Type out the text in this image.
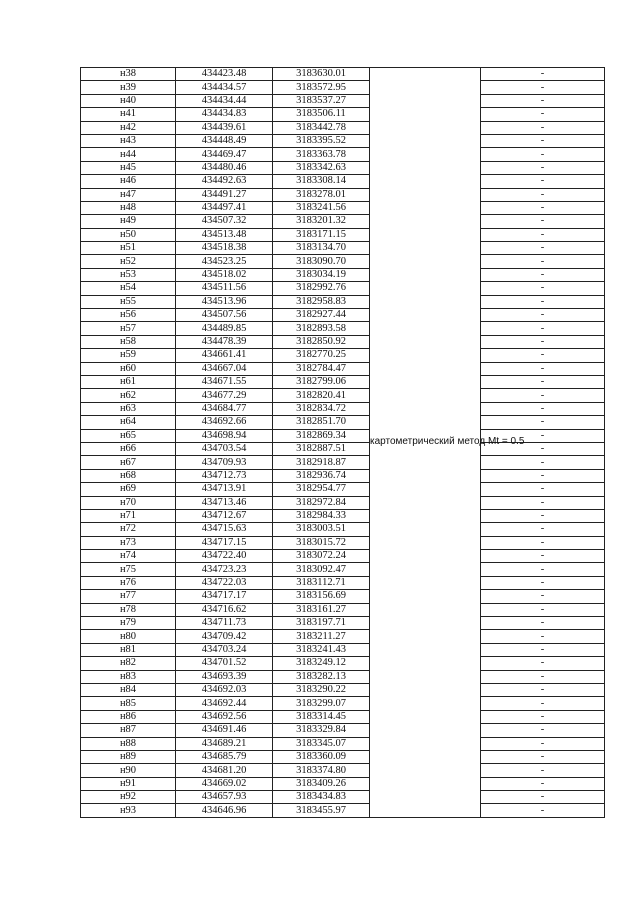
н38	434423.48	3183630.01	картометрический метод Mt = 0.5	-
н39	434434.57	3183572.95		-
н40	434434.44	3183537.27		-
н41	434434.83	3183506.11		-
н42	434439.61	3183442.78		-
н43	434448.49	3183395.52		-
н44	434469.47	3183363.78		-
н45	434480.46	3183342.63		-
н46	434492.63	3183308.14		-
н47	434491.27	3183278.01		-
н48	434497.41	3183241.56		-
н49	434507.32	3183201.32		-
н50	434513.48	3183171.15		-
н51	434518.38	3183134.70		-
н52	434523.25	3183090.70		-
н53	434518.02	3183034.19		-
н54	434511.56	3182992.76		-
н55	434513.96	3182958.83		-
н56	434507.56	3182927.44		-
н57	434489.85	3182893.58		-
н58	434478.39	3182850.92		-
н59	434661.41	3182770.25		-
н60	434667.04	3182784.47		-
н61	434671.55	3182799.06		-
н62	434677.29	3182820.41		-
н63	434684.77	3182834.72		-
н64	434692.66	3182851.70		-
н65	434698.94	3182869.34		-
н66	434703.54	3182887.51		-
н67	434709.93	3182918.87		-
н68	434712.73	3182936.74		-
н69	434713.91	3182954.77		-
н70	434713.46	3182972.84		-
н71	434712.67	3182984.33		-
н72	434715.63	3183003.51		-
н73	434717.15	3183015.72		-
н74	434722.40	3183072.24		-
н75	434723.23	3183092.47		-
н76	434722.03	3183112.71		-
н77	434717.17	3183156.69		-
н78	434716.62	3183161.27		-
н79	434711.73	3183197.71		-
н80	434709.42	3183211.27		-
н81	434703.24	3183241.43		-
н82	434701.52	3183249.12		-
н83	434693.39	3183282.13		-
н84	434692.03	3183290.22		-
н85	434692.44	3183299.07		-
н86	434692.56	3183314.45		-
н87	434691.46	3183329.84		-
н88	434689.21	3183345.07		-
н89	434685.79	3183360.09		-
н90	434681.20	3183374.80		-
н91	434669.02	3183409.26		-
н92	434657.93	3183434.83		-
н93	434646.96	3183455.97		-
